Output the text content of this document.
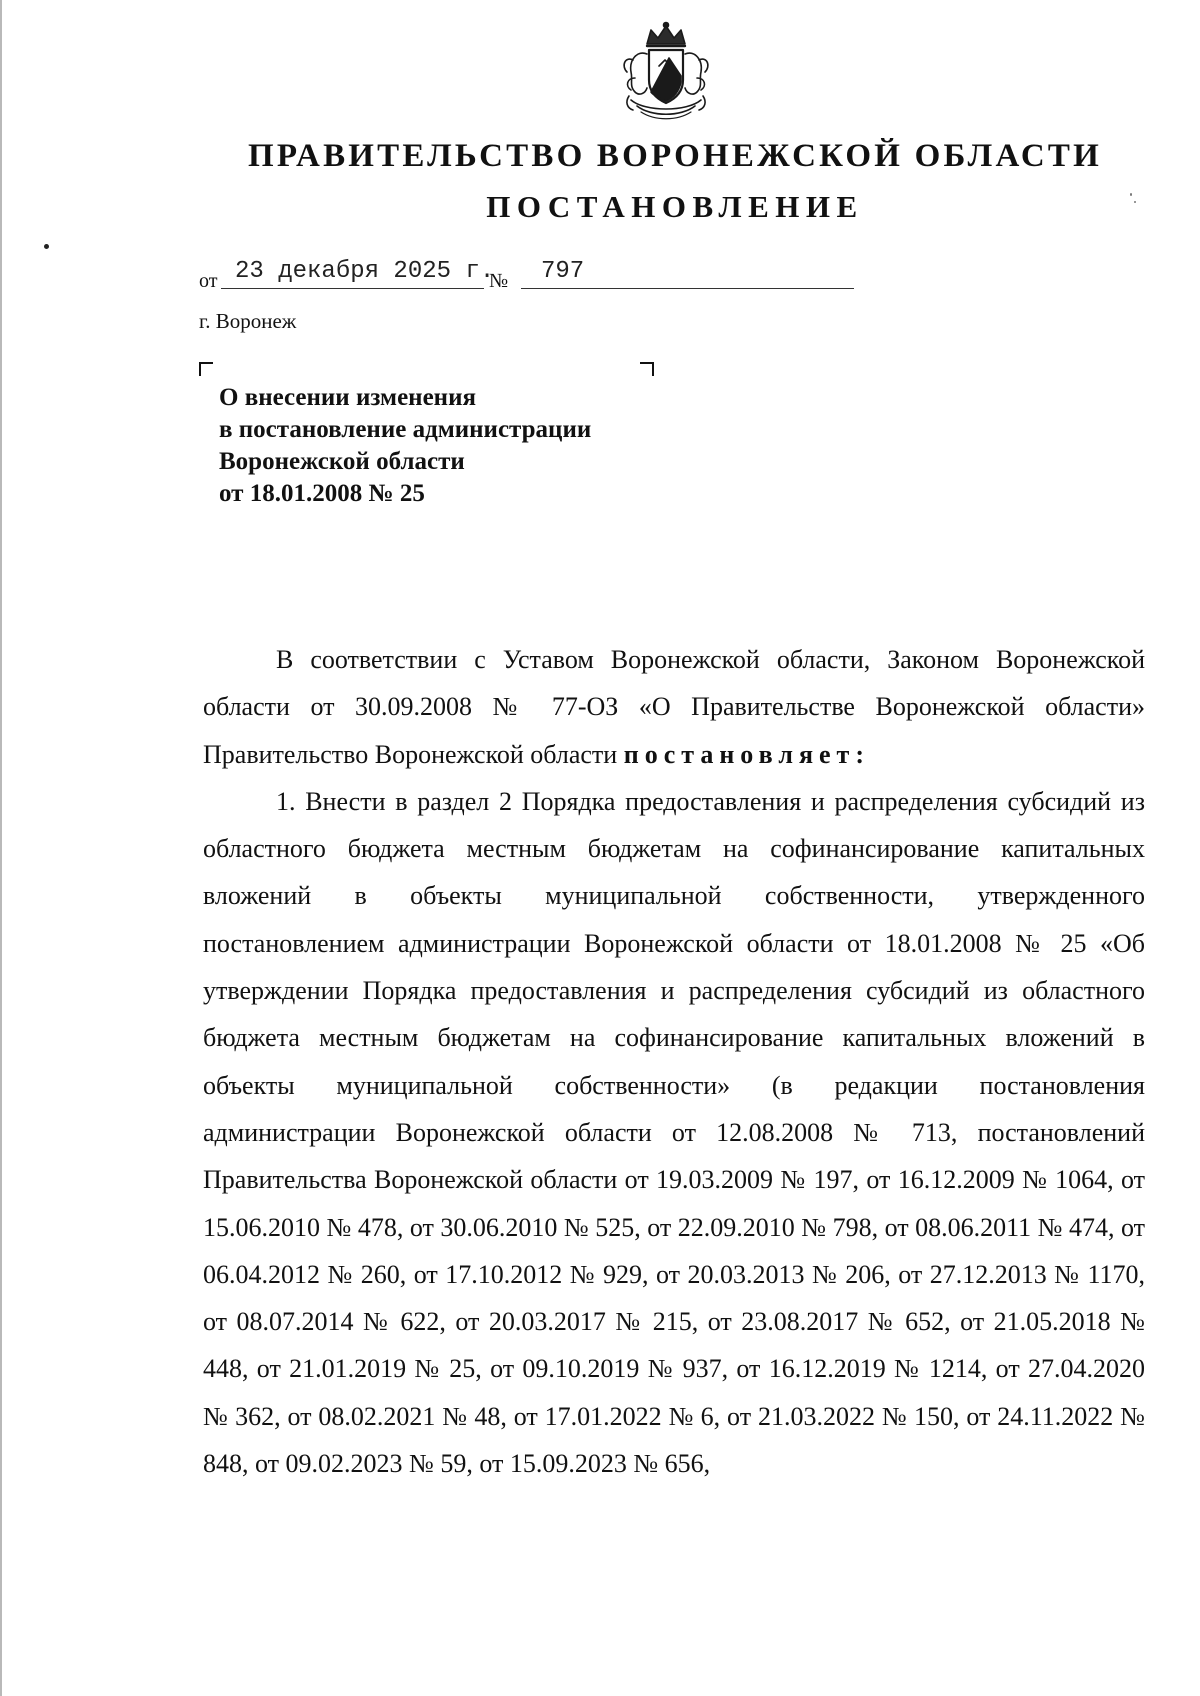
ПРАВИТЕЛЬСТВО ВОРОНЕЖСКОЙ ОБЛАСТИ
ПОСТАНОВЛЕНИЕ
от 23 декабря 2025 г.
№ 797
г. Воронеж
О внесении изменения
в постановление администрации
Воронежской области
от 18.01.2008 № 25

В соответствии с Уставом Воронежской области, Законом Воронежской области от 30.09.2008 № 77-ОЗ «О Правительстве Воронежской области» Правительство Воронежской области постановляет:

1. Внести в раздел 2 Порядка предоставления и распределения субсидий из областного бюджета местным бюджетам на софинансирование капитальных вложений в объекты муниципальной собственности, утвержденного постановлением администрации Воронежской области от 18.01.2008 № 25 «Об утверждении Порядка предоставления и распределения субсидий из областного бюджета местным бюджетам на софинансирование капитальных вложений в объекты муниципальной собственности» (в редакции постановления администрации Воронежской области от 12.08.2008 № 713, постановлений Правительства Воронежской области от 19.03.2009 № 197, от 16.12.2009 № 1064, от 15.06.2010 № 478, от 30.06.2010 № 525, от 22.09.2010 № 798, от 08.06.2011 № 474, от 06.04.2012 № 260, от 17.10.2012 № 929, от 20.03.2013 № 206, от 27.12.2013 № 1170, от 08.07.2014 № 622, от 20.03.2017 № 215, от 23.08.2017 № 652, от 21.05.2018 № 448, от 21.01.2019 № 25, от 09.10.2019 № 937, от 16.12.2019 № 1214, от 27.04.2020 № 362, от 08.02.2021 № 48, от 17.01.2022 № 6, от 21.03.2022 № 150, от 24.11.2022 № 848, от 09.02.2023 № 59, от 15.09.2023 № 656,
